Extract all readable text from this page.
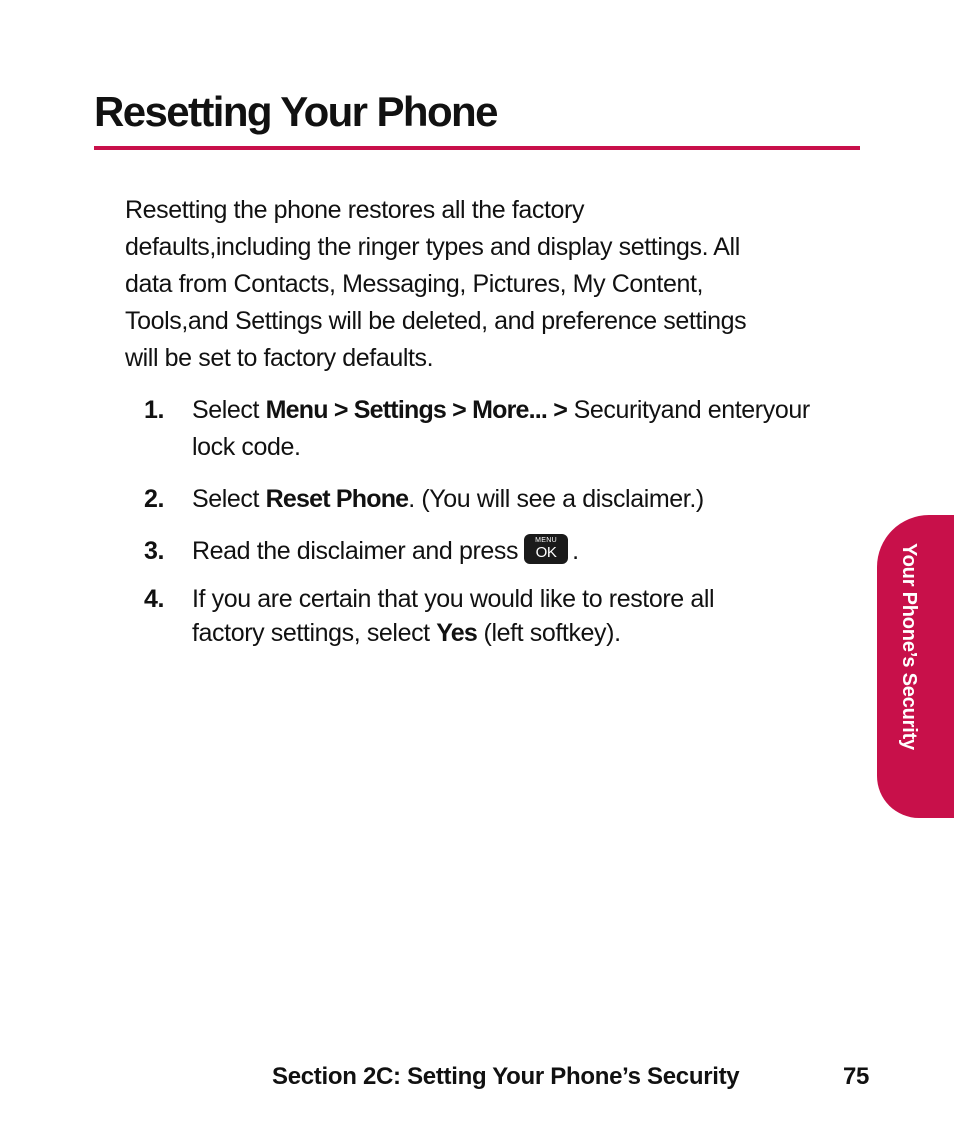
Resetting Your Phone
Resetting the phone restores all the factory
defaults,including the ringer types and display settings. All
data from Contacts, Messaging, Pictures, My Content,
Tools,and Settings will be deleted, and preference settings
will be set to factory defaults.
1. Select Menu > Settings > More... > Securityand enteryour
lock code.
2. Select Reset Phone. (You will see a disclaimer.)
3. Read the disclaimer and press	MENU
OK .
4. If you are certain that you would like to restore all
factory settings, select Yes (left softkey).	Your Phone’s Security
Section 2C: Setting Your Phone’s Security	75
